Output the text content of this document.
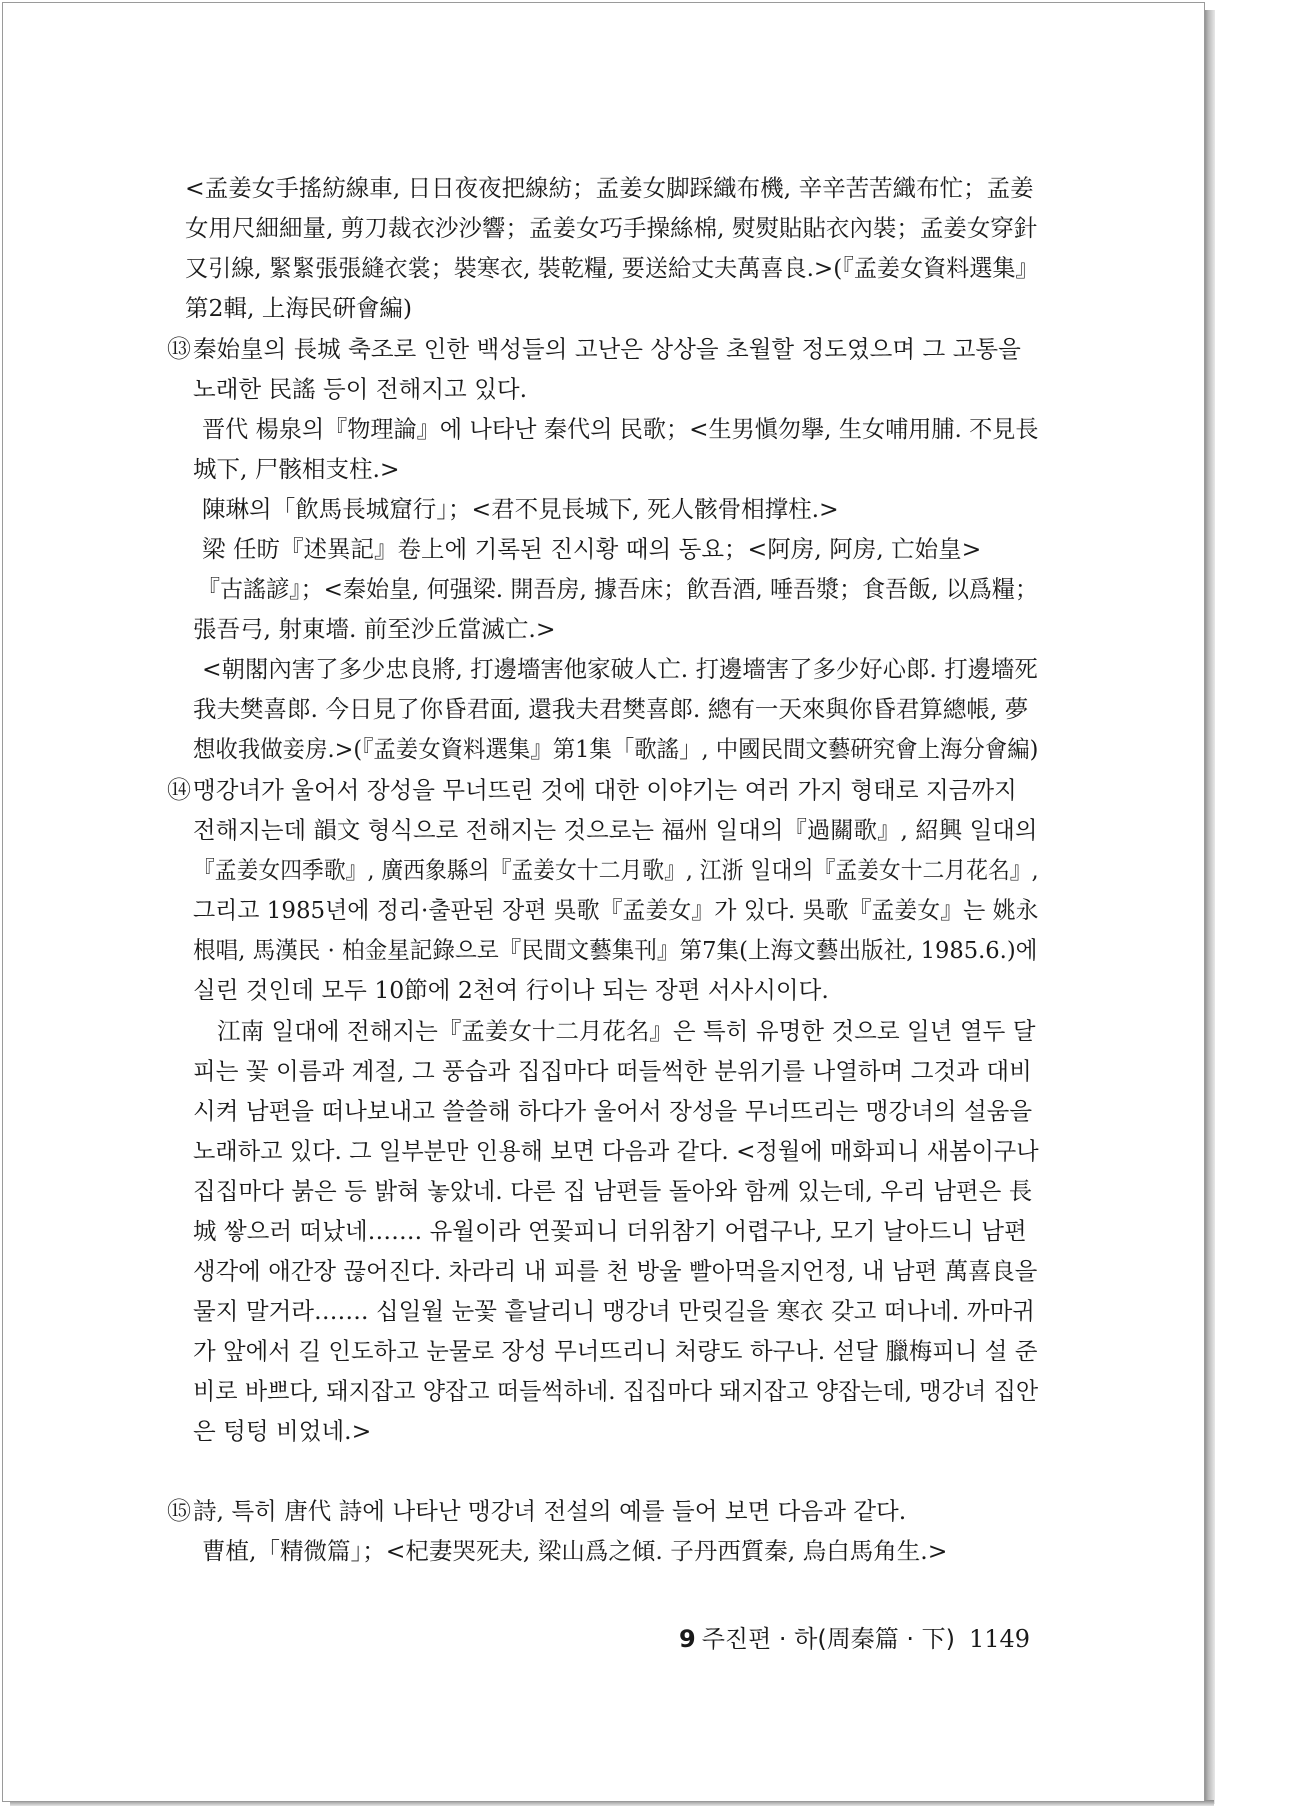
<孟姜女手搖紡線車, 日日夜夜把線紡；孟姜女脚踩織布機, 辛辛苦苦織布忙；孟姜
女用尺細細量, 剪刀裁衣沙沙響；孟姜女巧手操絲棉, 熨熨貼貼衣內裝；孟姜女穿針
又引線, 緊緊張張縫衣裳；裝寒衣, 裝乾糧, 要送給丈夫萬喜良.>(『孟姜女資料選集』
第2輯, 上海民硏會編)
⑬ 秦始皇의 長城 축조로 인한 백성들의 고난은 상상을 초월할 정도였으며 그 고통을
노래한 民謠 등이 전해지고 있다.
晋代 楊泉의『物理論』에 나타난 秦代의 民歌；<生男愼勿擧, 生女哺用脯. 不見長
城下, 尸骸相支柱.>
陳琳의「飮馬長城窟行」；<君不見長城下, 死人骸骨相撑柱.>
梁 任昉『述異記』卷上에 기록된 진시황 때의 동요；<阿房, 阿房, 亡始皇>
『古謠諺』；<秦始皇, 何强梁. 開吾房, 據吾床；飮吾酒, 唾吾漿；食吾飯, 以爲糧；
張吾弓, 射東墻. 前至沙丘當滅亡.>
<朝閣內害了多少忠良將, 打邊墻害他家破人亡. 打邊墻害了多少好心郞. 打邊墻死
我夫樊喜郞. 今日見了你昏君面, 還我夫君樊喜郞. 總有一天來與你昏君算總帳, 夢
想收我做妾房.>(『孟姜女資料選集』第1集「歌謠」, 中國民間文藝硏究會上海分會編)
⑭ 맹강녀가 울어서 장성을 무너뜨린 것에 대한 이야기는 여러 가지 형태로 지금까지
전해지는데 韻文 형식으로 전해지는 것으로는 福州 일대의『過關歌』, 紹興 일대의
『孟姜女四季歌』, 廣西象縣의『孟姜女十二月歌』, 江浙 일대의『孟姜女十二月花名』,
그리고 1985년에 정리·출판된 장편 吳歌『孟姜女』가 있다. 吳歌『孟姜女』는 姚永
根唱, 馬漢民 · 柏金星記錄으로『民間文藝集刊』第7集(上海文藝出版社, 1985.6.)에
실린 것인데 모두 10節에 2천여 行이나 되는 장편 서사시이다.
江南 일대에 전해지는『孟姜女十二月花名』은 특히 유명한 것으로 일년 열두 달
피는 꽃 이름과 계절, 그 풍습과 집집마다 떠들썩한 분위기를 나열하며 그것과 대비
시켜 남편을 떠나보내고 쓸쓸해 하다가 울어서 장성을 무너뜨리는 맹강녀의 설움을
노래하고 있다. 그 일부분만 인용해 보면 다음과 같다. <정월에 매화피니 새봄이구나
집집마다 붉은 등 밝혀 놓았네. 다른 집 남편들 돌아와 함께 있는데, 우리 남편은 長
城 쌓으러 떠났네……. 유월이라 연꽃피니 더위참기 어렵구나, 모기 날아드니 남편
생각에 애간장 끊어진다. 차라리 내 피를 천 방울 빨아먹을지언정, 내 남편 萬喜良을
물지 말거라……. 십일월 눈꽃 흩날리니 맹강녀 만릿길을 寒衣 갖고 떠나네. 까마귀
가 앞에서 길 인도하고 눈물로 장성 무너뜨리니 처량도 하구나. 섣달 臘梅피니 설 준
비로 바쁘다, 돼지잡고 양잡고 떠들썩하네. 집집마다 돼지잡고 양잡는데, 맹강녀 집안
은 텅텅 비었네.>
⑮ 詩, 특히 唐代 詩에 나타난 맹강녀 전설의 예를 들어 보면 다음과 같다.
曹植,「精微篇」；<杞妻哭死夫, 梁山爲之傾. 子丹西質秦, 烏白馬角生.>
9 주진편 · 하(周秦篇 · 下) 1149
